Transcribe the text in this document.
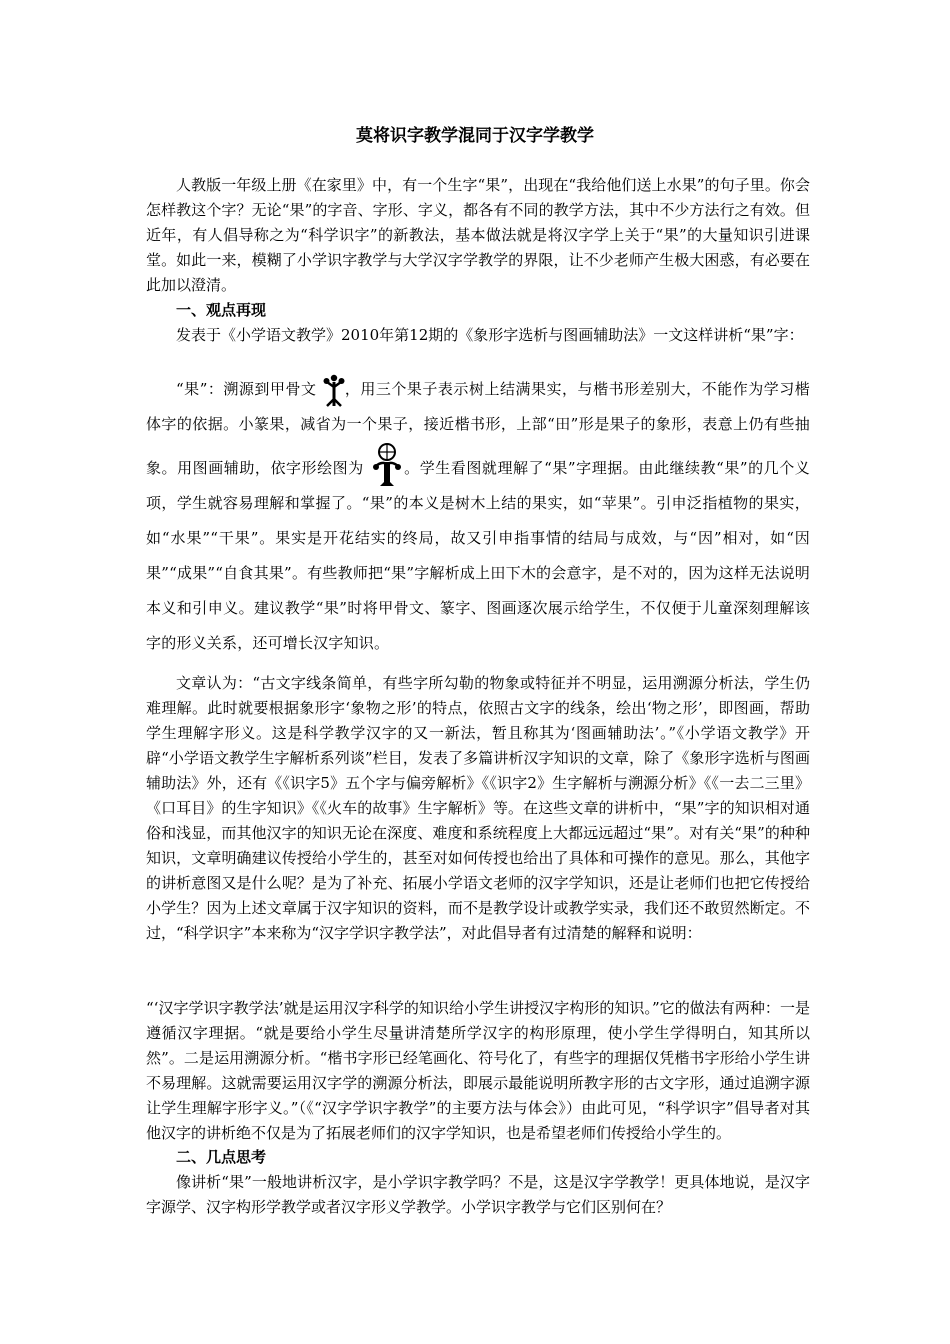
莫将识字教学混同于汉字学教学

人教版一年级上册《在家里》中，有一个生字“果”，出现在“我给他们送上水果”的句子里。你会怎样教这个字？无论“果”的字音、字形、字义，都各有不同的教学方法，其中不少方法行之有效。但近年，有人倡导称之为“科学识字”的新教法，基本做法就是将汉字学上关于“果”的大量知识引进课堂。如此一来，模糊了小学识字教学与大学汉字学教学的界限，让不少老师产生极大困惑，有必要在此加以澄清。

一、观点再现

发表于《小学语文教学》2010年第12期的《象形字选析与图画辅助法》一文这样讲析“果”字：

“果”：溯源到甲骨文 ，用三个果子表示树上结满果实，与楷书形差别大，不能作为学习楷体字的依据。小篆果，减省为一个果子，接近楷书形，上部“田”形是果子的象形，表意上仍有些抽象。用图画辅助，依字形绘图为	。学生看图就理解了“果”字理据。由此继续教“果”的几个义项，学生就容易理解和掌握了。“果”的本义是树木上结的果实，如“苹果”。引申泛指植物的果实，如“水果”“干果”。果实是开花结实的终局，故又引申指事情的结局与成效，与“因”相对，如“因果”“成果”“自食其果”。有些教师把“果”字解析成上田下木的会意字，是不对的，因为这样无法说明本义和引申义。建议教学“果”时将甲骨文、篆字、图画逐次展示给学生，不仅便于儿童深刻理解该字的形义关系，还可增长汉字知识。

文章认为：“古文字线条简单，有些字所勾勒的物象或特征并不明显，运用溯源分析法，学生仍难理解。此时就要根据象形字‘象物之形’的特点，依照古文字的线条，绘出‘物之形’，即图画，帮助学生理解字形义。这是科学教学汉字的又一新法，暂且称其为‘图画辅助法’。”《小学语文教学》开辟“小学语文教学生字解析系列谈”栏目，发表了多篇讲析汉字知识的文章，除了《象形字选析与图画辅助法》外，还有《《识字5》五个字与偏旁解析》《《识字2》生字解析与溯源分析》《《一去二三里》《口耳目》的生字知识》《《火车的故事》生字解析》等。在这些文章的讲析中，“果”字的知识相对通俗和浅显，而其他汉字的知识无论在深度、难度和系统程度上大都远远超过“果”。对有关“果”的种种知识，文章明确建议传授给小学生的，甚至对如何传授也给出了具体和可操作的意见。那么，其他字的讲析意图又是什么呢？是为了补充、拓展小学语文老师的汉字学知识，还是让老师们也把它传授给小学生？因为上述文章属于汉字知识的资料，而不是教学设计或教学实录，我们还不敢贸然断定。不过，“科学识字”本来称为“汉字学识字教学法”，对此倡导者有过清楚的解释和说明：

“‘汉字学识字教学法’就是运用汉字科学的知识给小学生讲授汉字构形的知识。”它的做法有两种：一是遵循汉字理据。“就是要给小学生尽量讲清楚所学汉字的构形原理，使小学生学得明白，知其所以然”。二是运用溯源分析。“楷书字形已经笔画化、符号化了，有些字的理据仅凭楷书字形给小学生讲不易理解。这就需要运用汉字学的溯源分析法，即展示最能说明所教字形的古文字形，通过追溯字源让学生理解字形字义。”（《“汉字学识字教学”的主要方法与体会》）由此可见，“科学识字”倡导者对其他汉字的讲析绝不仅是为了拓展老师们的汉字学知识，也是希望老师们传授给小学生的。

二、几点思考

像讲析“果”一般地讲析汉字，是小学识字教学吗？不是，这是汉字学教学！更具体地说，是汉字字源学、汉字构形学教学或者汉字形义学教学。小学识字教学与它们区别何在？
